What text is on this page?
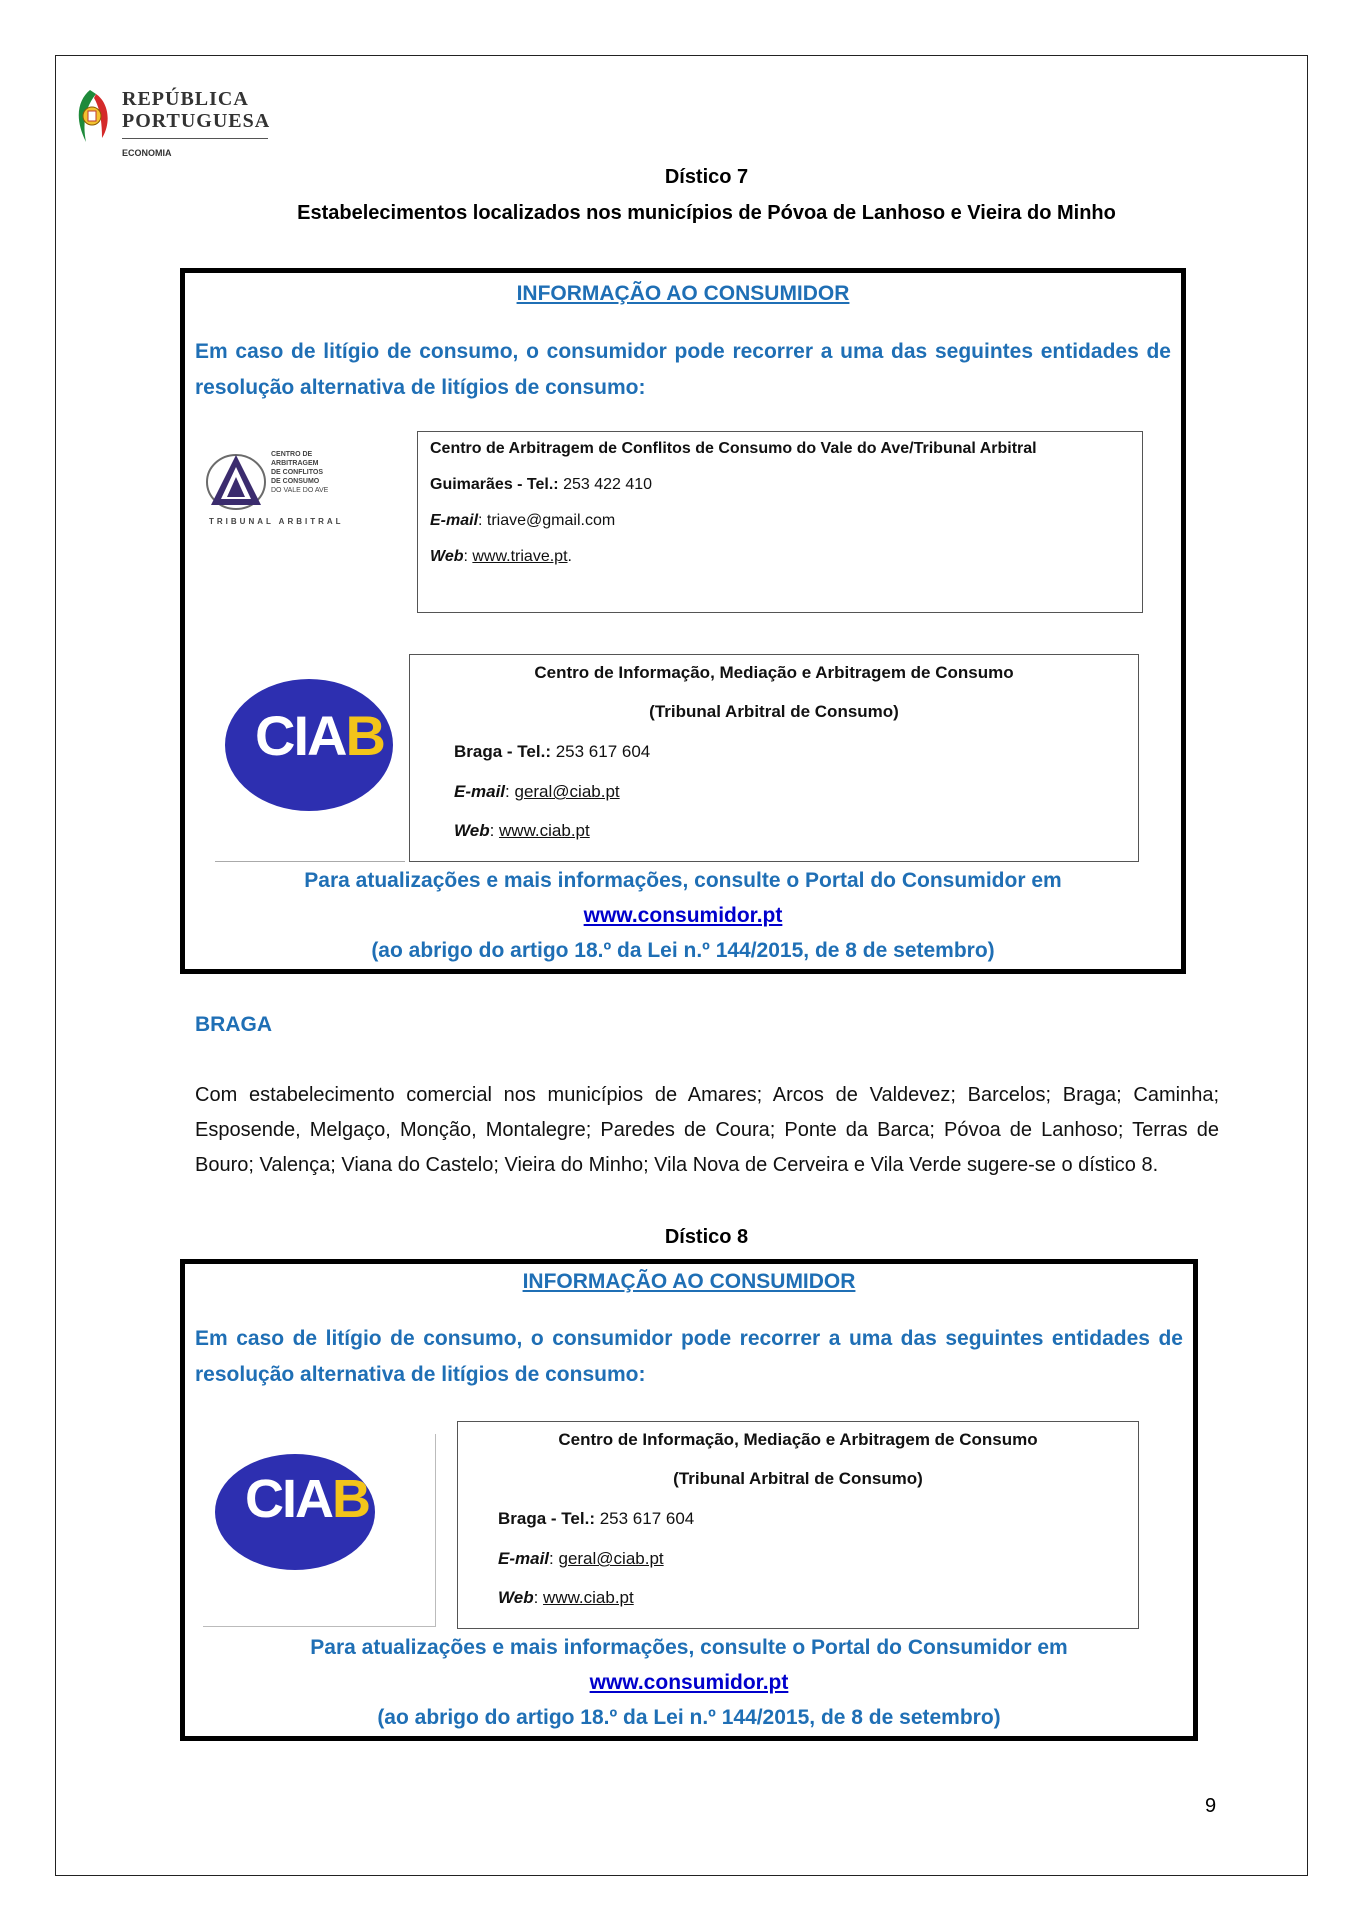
REPÚBLICA
PORTUGUESA
ECONOMIA
Dístico 7
Estabelecimentos localizados nos municípios de Póvoa de Lanhoso e Vieira do Minho
INFORMAÇÃO AO CONSUMIDOR
Em caso de litígio de consumo, o consumidor pode recorrer a uma das seguintes entidades de resolução alternativa de litígios de consumo:
CENTRO DE
ARBITRAGEM
DE CONFLITOS
DE CONSUMO
DO VALE DO AVE
TRIBUNAL ARBITRAL
Centro de Arbitragem de Conflitos de Consumo do Vale do Ave/Tribunal Arbitral
Guimarães - Tel.: 253 422 410
E-mail: triave@gmail.com
Web: www.triave.pt.
CIAB
Centro de Informação, Mediação e Arbitragem de Consumo
(Tribunal Arbitral de Consumo)
Braga - Tel.: 253 617 604
E-mail: geral@ciab.pt
Web: www.ciab.pt
Para atualizações e mais informações, consulte o Portal do Consumidor em
www.consumidor.pt
(ao abrigo do artigo 18.º da Lei n.º 144/2015, de 8 de setembro)
BRAGA
Com estabelecimento comercial nos municípios de Amares; Arcos de Valdevez; Barcelos; Braga; Caminha; Esposende, Melgaço, Monção, Montalegre; Paredes de Coura; Ponte da Barca; Póvoa de Lanhoso; Terras de Bouro; Valença; Viana do Castelo; Vieira do Minho; Vila Nova de Cerveira e Vila Verde sugere-se o dístico 8.
Dístico 8
INFORMAÇÃO AO CONSUMIDOR
Em caso de litígio de consumo, o consumidor pode recorrer a uma das seguintes entidades de resolução alternativa de litígios de consumo:
CIAB
Centro de Informação, Mediação e Arbitragem de Consumo
(Tribunal Arbitral de Consumo)
Braga - Tel.: 253 617 604
E-mail: geral@ciab.pt
Web: www.ciab.pt
Para atualizações e mais informações, consulte o Portal do Consumidor em
www.consumidor.pt
(ao abrigo do artigo 18.º da Lei n.º 144/2015, de 8 de setembro)
9
